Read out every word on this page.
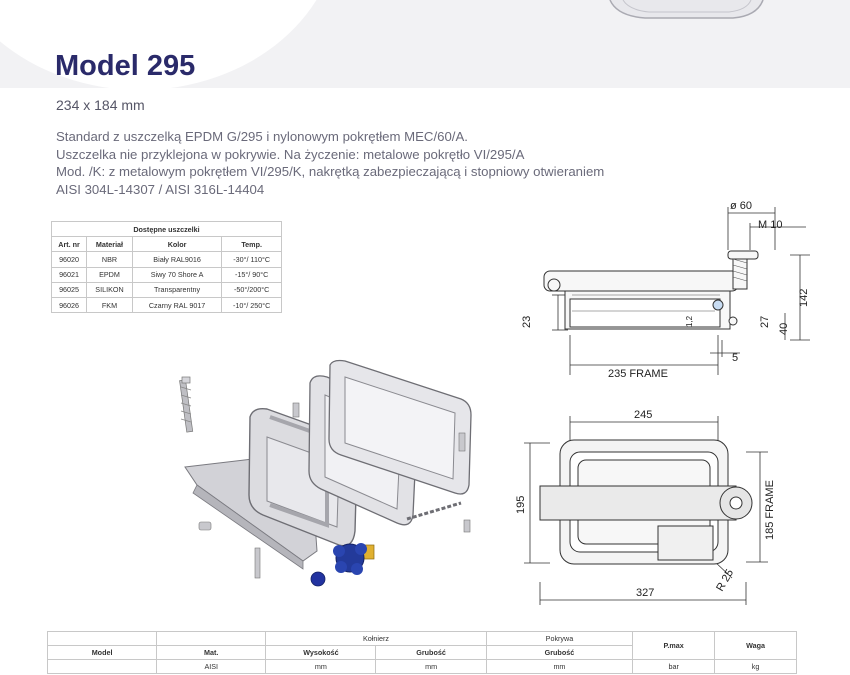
Model 295
234 x 184 mm
Standard z uszczelką EPDM G/295 i nylonowym pokrętłem MEC/60/A.
Uszczelka nie przyklejona w pokrywie. Na życzenie: metalowe pokrętło VI/295/A
Mod. /K: z metalowym pokrętłem VI/295/K, nakrętką zabezpieczającą i stopniowy otwieraniem
AISI 304L-14307 / AISI 316L-14404
Dostępne uszczelki			
Art. nr	Materiał	Kolor	Temp.
96020	NBR	Biały RAL9016	-30°/ 110°C
96021	EPDM	Siwy 70 Shore A	-15°/ 90°C
96025	SILIKON	Transparentny	-50°/200°C
96026	FKM	Czarny RAL 9017	-10°/ 250°C
ø 60
M 10
142
23	1,2	27
40
5
235 FRAME
245
195	185 FRAME
R 25
327
		Kołnierz		Pokrywa	P.max	Waga
Model	Mat.	Wysokość	Grubość	Grubość		
	AISI	mm	mm	mm	bar	kg
